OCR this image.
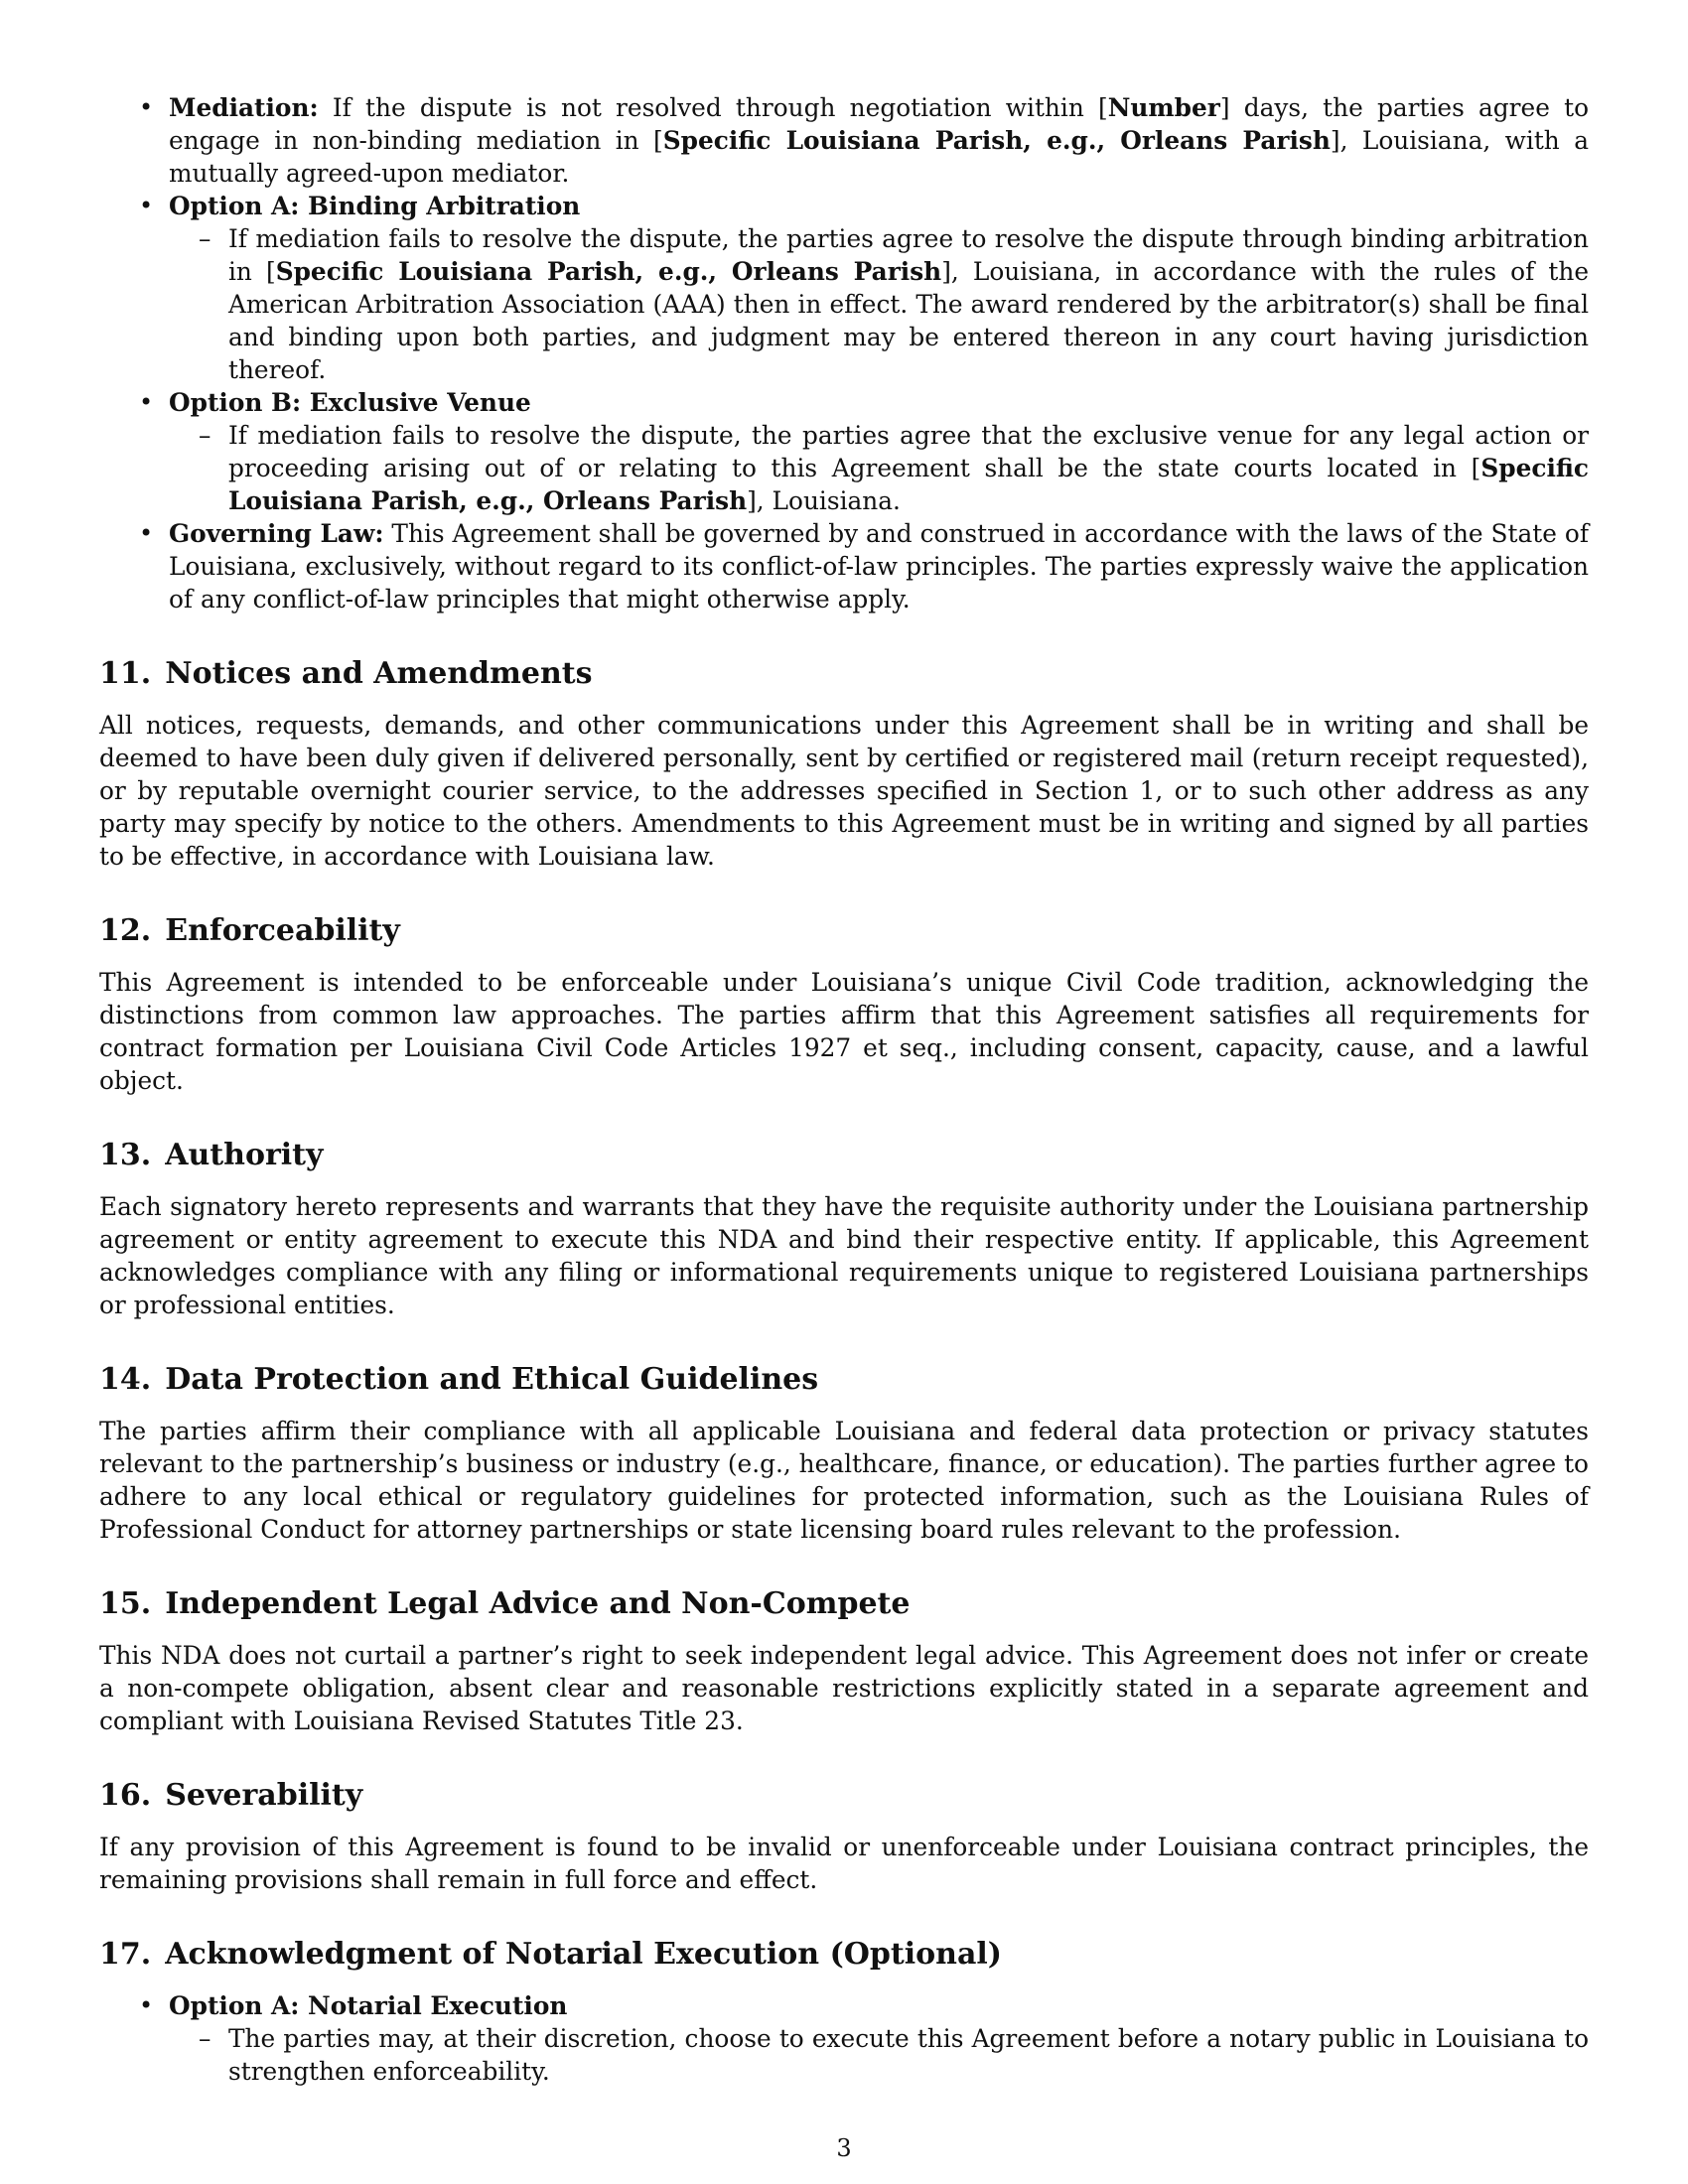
• Mediation: If the dispute is not resolved through negotiation within [Number] days, the parties agree to engage in non-binding mediation in [Specific Louisiana Parish, e.g., Orleans Parish], Louisiana, with a mutually agreed-upon mediator.
• Option A: Binding Arbitration
– If mediation fails to resolve the dispute, the parties agree to resolve the dispute through binding arbitration in [Specific Louisiana Parish, e.g., Orleans Parish], Louisiana, in accordance with the rules of the American Arbitration Association (AAA) then in effect. The award rendered by the arbitrator(s) shall be final and binding upon both parties, and judgment may be entered thereon in any court having jurisdiction thereof.
• Option B: Exclusive Venue
– If mediation fails to resolve the dispute, the parties agree that the exclusive venue for any legal action or proceeding arising out of or relating to this Agreement shall be the state courts located in [Specific Louisiana Parish, e.g., Orleans Parish], Louisiana.
• Governing Law: This Agreement shall be governed by and construed in accordance with the laws of the State of Louisiana, exclusively, without regard to its conflict-of-law principles. The parties expressly waive the application of any conflict-of-law principles that might otherwise apply.
11. Notices and Amendments

All notices, requests, demands, and other communications under this Agreement shall be in writing and shall be deemed to have been duly given if delivered personally, sent by certified or registered mail (return receipt requested), or by reputable overnight courier service, to the addresses specified in Section 1, or to such other address as any party may specify by notice to the others. Amendments to this Agreement must be in writing and signed by all parties to be effective, in accordance with Louisiana law.

12. Enforceability

This Agreement is intended to be enforceable under Louisiana’s unique Civil Code tradition, acknowledging the distinctions from common law approaches. The parties affirm that this Agreement satisfies all requirements for contract formation per Louisiana Civil Code Articles 1927 et seq., including consent, capacity, cause, and a lawful object.

13. Authority

Each signatory hereto represents and warrants that they have the requisite authority under the Louisiana partnership agreement or entity agreement to execute this NDA and bind their respective entity. If applicable, this Agreement acknowledges compliance with any filing or informational requirements unique to registered Louisiana partnerships or professional entities.

14. Data Protection and Ethical Guidelines

The parties affirm their compliance with all applicable Louisiana and federal data protection or privacy statutes relevant to the partnership’s business or industry (e.g., healthcare, finance, or education). The parties further agree to adhere to any local ethical or regulatory guidelines for protected information, such as the Louisiana Rules of Professional Conduct for attorney partnerships or state licensing board rules relevant to the profession.

15. Independent Legal Advice and Non-Compete

This NDA does not curtail a partner’s right to seek independent legal advice. This Agreement does not infer or create a non-compete obligation, absent clear and reasonable restrictions explicitly stated in a separate agreement and compliant with Louisiana Revised Statutes Title 23.

16. Severability

If any provision of this Agreement is found to be invalid or unenforceable under Louisiana contract principles, the remaining provisions shall remain in full force and effect.

17. Acknowledgment of Notarial Execution (Optional)
• Option A: Notarial Execution
– The parties may, at their discretion, choose to execute this Agreement before a notary public in Louisiana to strengthen enforceability.
3
